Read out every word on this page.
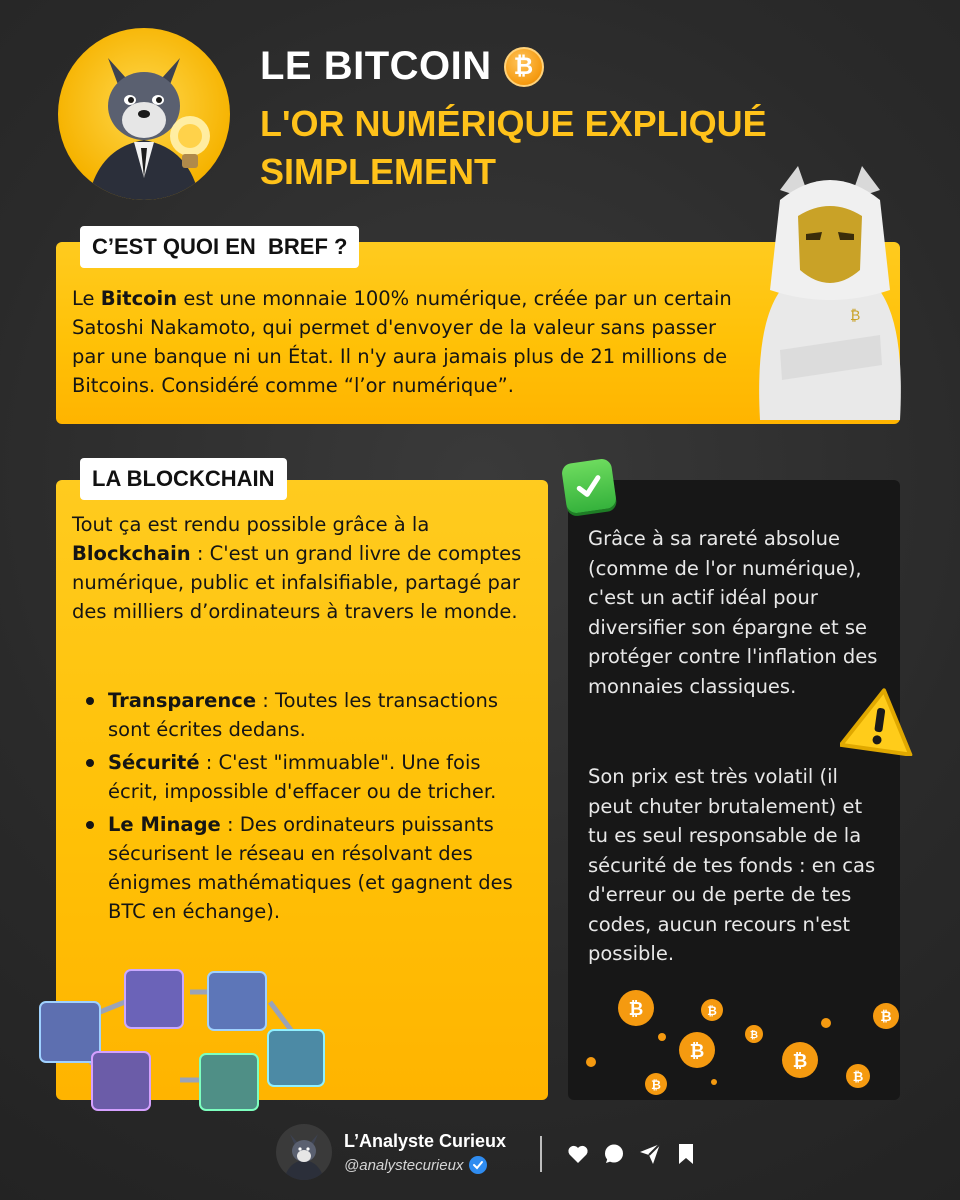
LE BITCOIN ₿
L'OR NUMÉRIQUE EXPLIQUÉ SIMPLEMENT
C’EST QUOI EN  BREF ?

Le Bitcoin est une monnaie 100% numérique, créée par un certain Satoshi Nakamoto, qui permet d'envoyer de la valeur sans passer par une banque ni un État. Il n'y aura jamais plus de 21 millions de Bitcoins. Considéré comme “l’or numérique”.

₿
LA BLOCKCHAIN

Tout ça est rendu possible grâce à la Blockchain : C'est un grand livre de comptes numérique, public et infalsifiable, partagé par des milliers d’ordinateurs à travers le monde.

Transparence : Toutes les transactions sont écrites dedans.
Sécurité : C'est "immuable". Une fois écrit, impossible d'effacer ou de tricher.
Le Minage : Des ordinateurs puissants sécurisent le réseau en résolvant des énigmes mathématiques (et gagnent des BTC en échange).

Grâce à sa rareté absolue (comme de l'or numérique), c'est un actif idéal pour diversifier son épargne et se protéger contre l'inflation des monnaies classiques.

Son prix est très volatil (il peut chuter brutalement) et tu es seul responsable de la sécurité de tes fonds : en cas d'erreur ou de perte de tes codes, aucun recours n'est possible.

₿	₿
₿	₿
₿
₿
₿
₿
L’Analyste Curieux
@analystecurieux
